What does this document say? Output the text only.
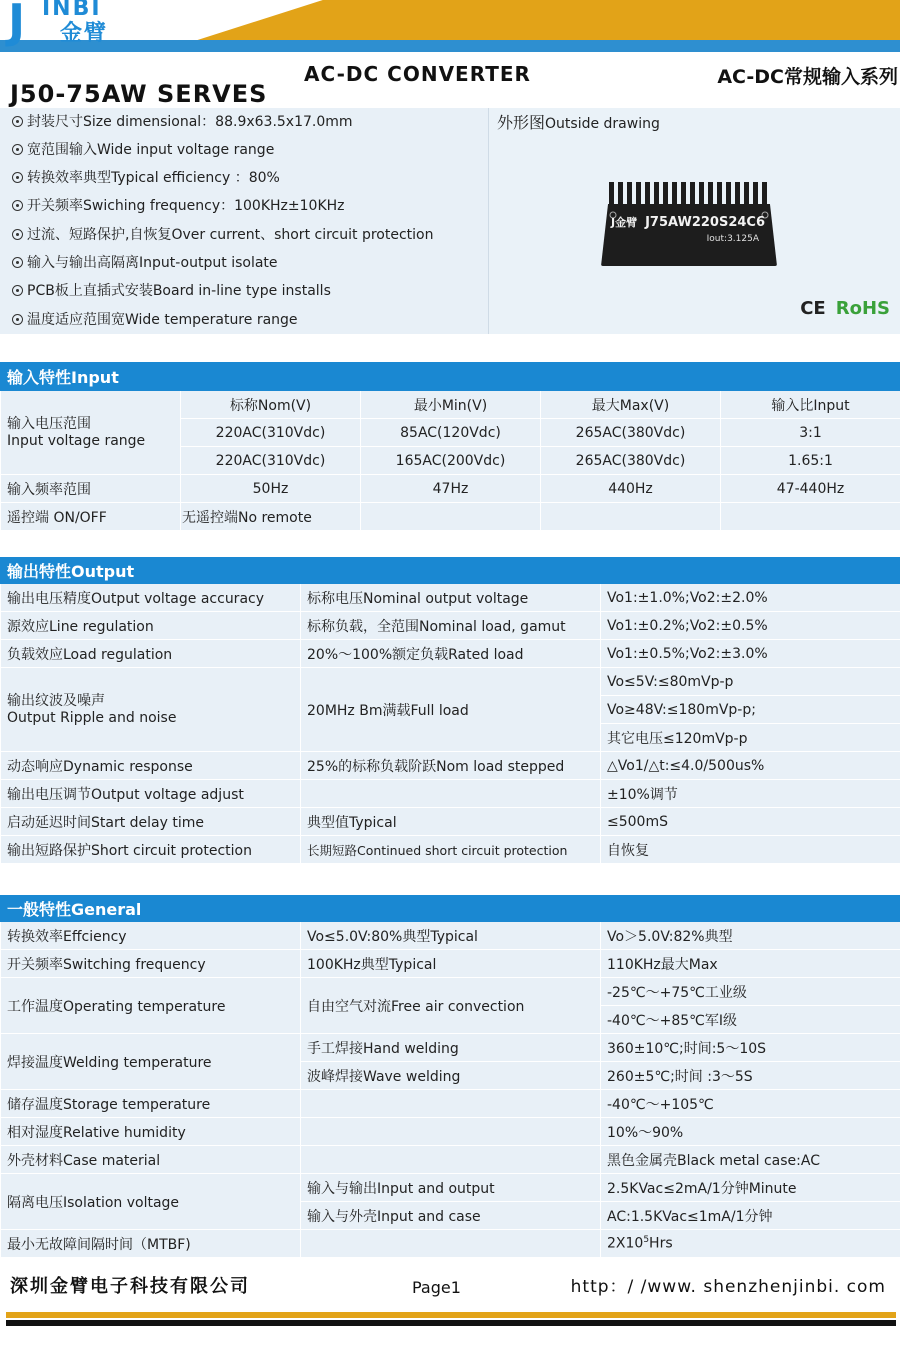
J INBI
金臂
AC-DC CONVERTER	AC-DC常规输入系列
J50-75AW SERVES
封装尺寸Size dimensional：88.9x63.5x17.0mm
宽范围输入Wide input voltage range
转换效率典型Typical efficiency ：80%
开关频率Swiching frequency：100KHz±10KHz
过流、短路保护,自恢复Over current、short circuit protection
输入与输出高隔离Input-output isolate
PCB板上直插式安装Board in-line type installs
温度适应范围宽Wide temperature range
外形图Outside drawing
J金臂 J75AW220S24C6
Iout:3.125A
CE RoHS
输入特性Input				
输入电压范围
Input voltage range	标称Nom(V)	最小Min(V)	最大Max(V)	输入比Input
	220AC(310Vdc)	85AC(120Vdc)	265AC(380Vdc)	3:1
	220AC(310Vdc)	165AC(200Vdc)	265AC(380Vdc)	1.65:1
输入频率范围	50Hz	47Hz	440Hz	47-440Hz
遥控端 ON/OFF	无遥控端No remote			
输出特性Output		
输出电压精度Output voltage accuracy	标称电压Nominal output voltage	Vo1:±1.0%;Vo2:±2.0%
源效应Line regulation	标称负载，全范围Nominal load, gamut	Vo1:±0.2%;Vo2:±0.5%
负载效应Load regulation	20%～100%额定负载Rated load	Vo1:±0.5%;Vo2:±3.0%
输出纹波及噪声
Output Ripple and noise	20MHz Bm满载Full load	Vo≤5V:≤80mVp-p
		Vo≥48V:≤180mVp-p;
		其它电压≤120mVp-p
动态响应Dynamic response	25%的标称负载阶跃Nom load stepped	△Vo1/△t:≤4.0/500us%
输出电压调节Output voltage adjust		±10%调节
启动延迟时间Start delay time	典型值Typical	≤500mS
输出短路保护Short circuit protection	长期短路Continued short circuit protection	自恢复
一般特性General		
转换效率Effciency	Vo≤5.0V:80%典型Typical	Vo＞5.0V:82%典型
开关频率Switching frequency	100KHz典型Typical	110KHz最大Max
工作温度Operating temperature	自由空气对流Free air convection	-25℃～+75℃工业级
		-40℃～+85℃军Ⅰ级
焊接温度Welding temperature	手工焊接Hand welding	360±10℃;时间:5～10S
	波峰焊接Wave welding	260±5℃;时间 :3～5S
储存温度Storage temperature		-40℃～+105℃
相对湿度Relative humidity		10%～90%
外壳材料Case material		黑色金属壳Black metal case:AC
隔离电压Isolation voltage	输入与输出Input and output	2.5KVac≤2mA/1分钟Minute
	输入与外壳Input and case	AC:1.5KVac≤1mA/1分钟
最小无故障间隔时间（MTBF)		$2X10^5Hrs$
深圳金臂电子科技有限公司	Page1	http：/ /www. shenzhenjinbi. com
